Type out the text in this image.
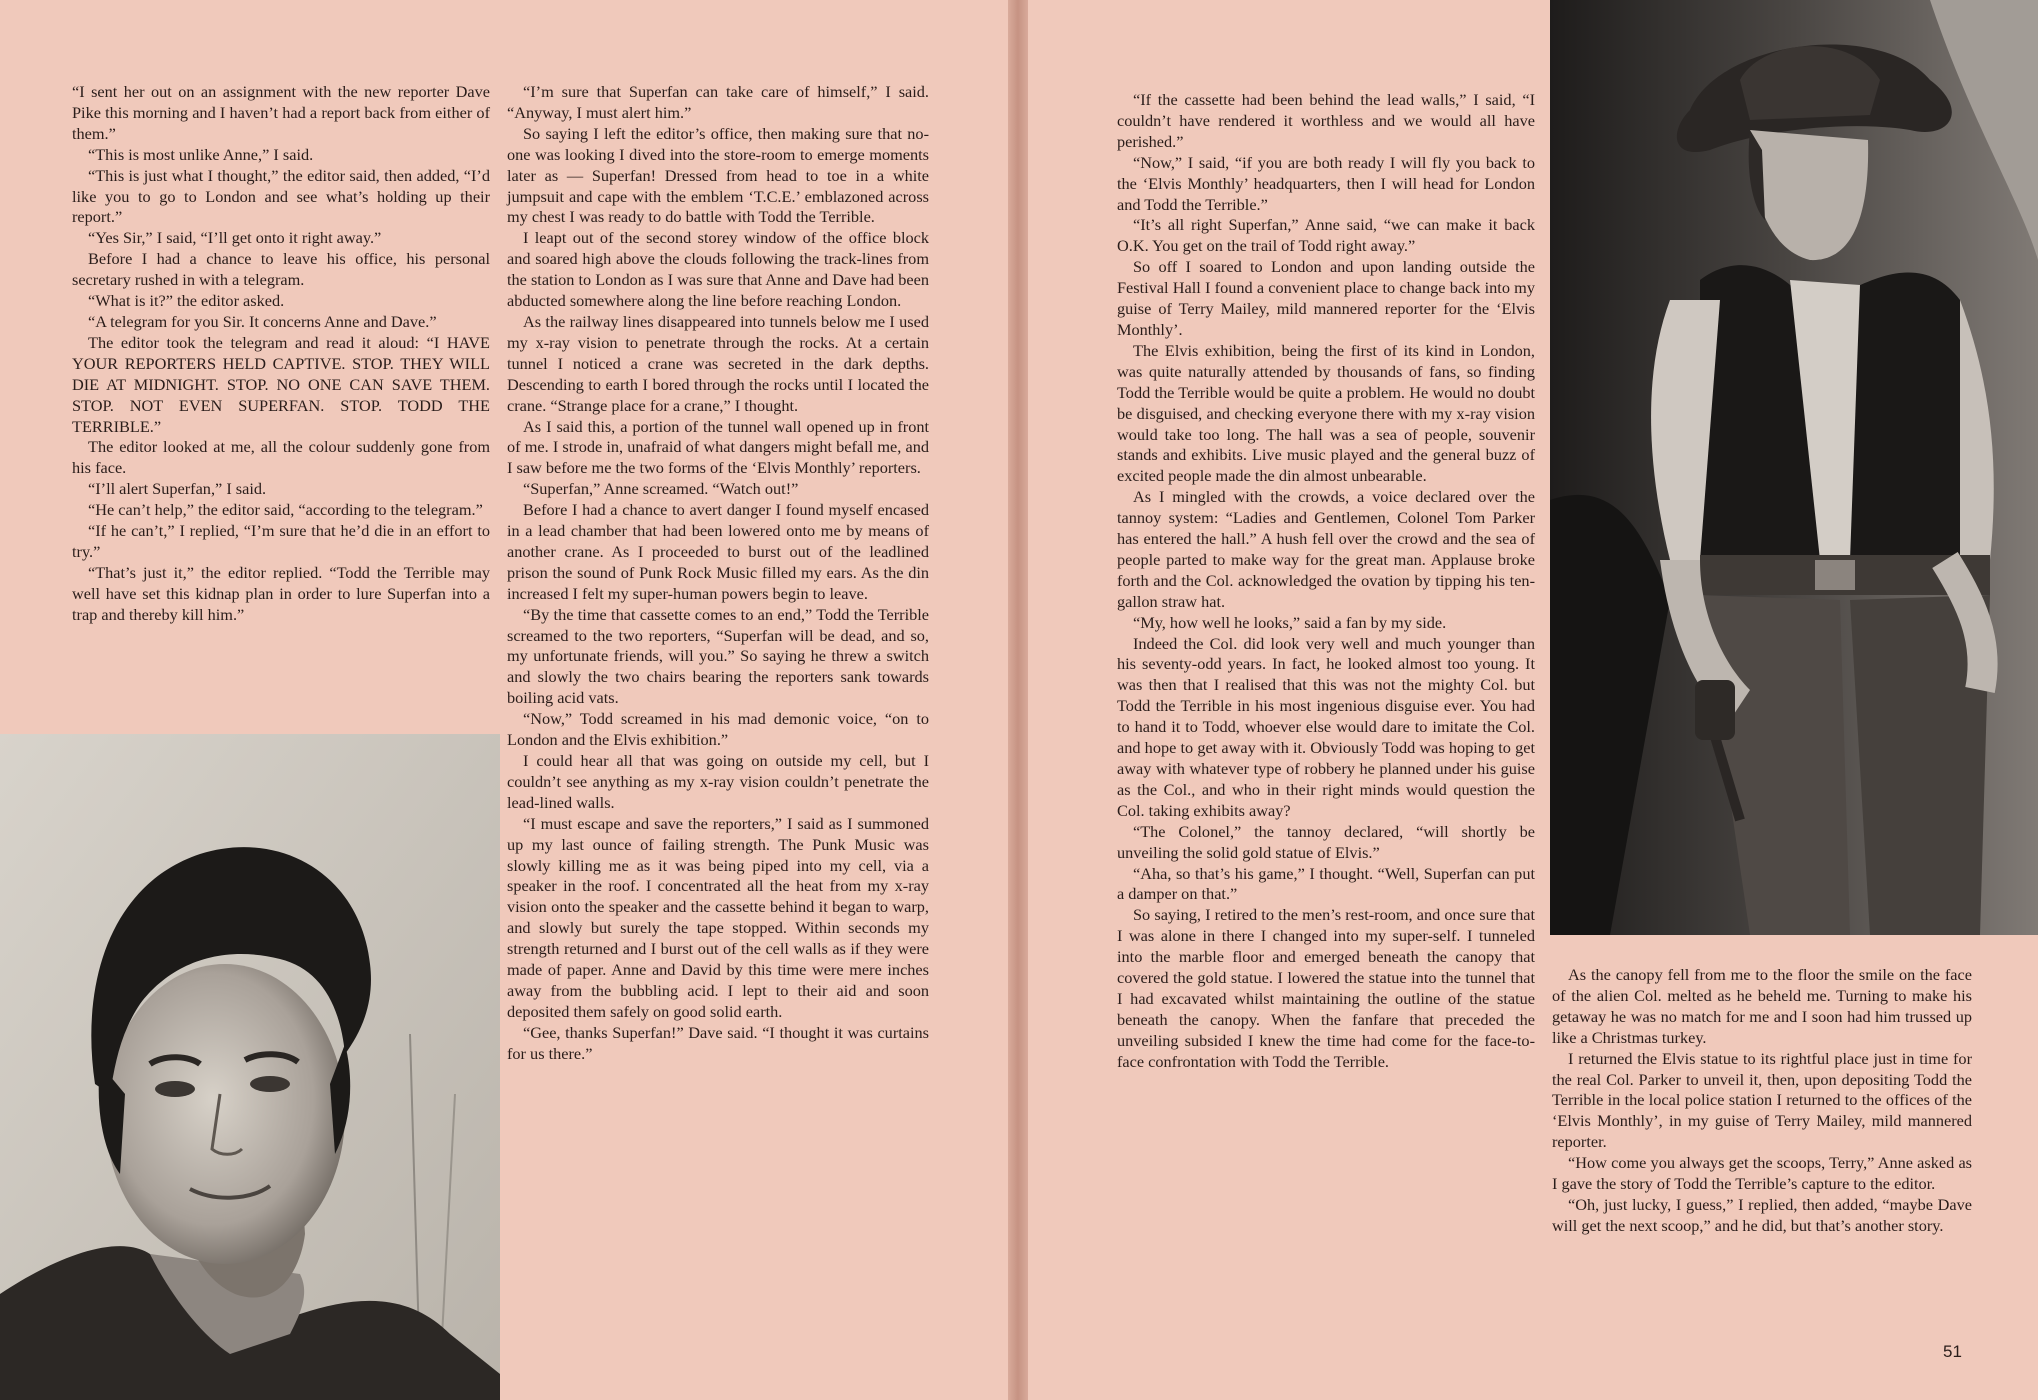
“I sent her out on an assignment with the new reporter Dave Pike this morning and I haven’t had a report back from either of them.”

“This is most unlike Anne,” I said.

“This is just what I thought,” the editor said, then added, “I’d like you to go to London and see what’s holding up their report.”

“Yes Sir,” I said, “I’ll get onto it right away.”

Before I had a chance to leave his office, his personal secretary rushed in with a telegram.

“What is it?” the editor asked.

“A telegram for you Sir. It concerns Anne and Dave.”

The editor took the telegram and read it aloud: “I HAVE YOUR REPORTERS HELD CAPTIVE. STOP. THEY WILL DIE AT MIDNIGHT. STOP. NO ONE CAN SAVE THEM. STOP. NOT EVEN SUPERFAN. STOP. TODD THE TERRIBLE.”

The editor looked at me, all the colour suddenly gone from his face.

“I’ll alert Superfan,” I said.

“He can’t help,” the editor said, “according to the telegram.”

“If he can’t,” I replied, “I’m sure that he’d die in an effort to try.”

“That’s just it,” the editor replied. “Todd the Terrible may well have set this kidnap plan in order to lure Superfan into a trap and thereby kill him.”

“I’m sure that Superfan can take care of himself,” I said. “Anyway, I must alert him.”

So saying I left the editor’s office, then making sure that no-one was looking I dived into the store-room to emerge moments later as — Superfan! Dressed from head to toe in a white jumpsuit and cape with the emblem ‘T.C.E.’ emblazoned across my chest I was ready to do battle with Todd the Terrible.

I leapt out of the second storey window of the office block and soared high above the clouds following the track-lines from the station to London as I was sure that Anne and Dave had been abducted somewhere along the line before reaching London.

As the railway lines disappeared into tunnels below me I used my x-ray vision to penetrate through the rocks. At a certain tunnel I noticed a crane was secreted in the dark depths. Descending to earth I bored through the rocks until I located the crane. “Strange place for a crane,” I thought.

As I said this, a portion of the tunnel wall opened up in front of me. I strode in, unafraid of what dangers might befall me, and I saw before me the two forms of the ‘Elvis Monthly’ reporters.

“Superfan,” Anne screamed. “Watch out!”

Before I had a chance to avert danger I found myself encased in a lead chamber that had been lowered onto me by means of another crane. As I proceeded to burst out of the leadlined prison the sound of Punk Rock Music filled my ears. As the din increased I felt my super-human powers begin to leave.

“By the time that cassette comes to an end,” Todd the Terrible screamed to the two reporters, “Superfan will be dead, and so, my unfortunate friends, will you.” So saying he threw a switch and slowly the two chairs bearing the reporters sank towards boiling acid vats.

“Now,” Todd screamed in his mad demonic voice, “on to London and the Elvis exhibition.”

I could hear all that was going on outside my cell, but I couldn’t see anything as my x-ray vision couldn’t penetrate the lead-lined walls.

“I must escape and save the reporters,” I said as I summoned up my last ounce of failing strength. The Punk Music was slowly killing me as it was being piped into my cell, via a speaker in the roof. I concentrated all the heat from my x-ray vision onto the speaker and the cassette behind it began to warp, and slowly but surely the tape stopped. Within seconds my strength returned and I burst out of the cell walls as if they were made of paper. Anne and David by this time were mere inches away from the bubbling acid. I lept to their aid and soon deposited them safely on good solid earth.

“Gee, thanks Superfan!” Dave said. “I thought it was curtains for us there.”

“If the cassette had been behind the lead walls,” I said, “I couldn’t have rendered it worthless and we would all have perished.”

“Now,” I said, “if you are both ready I will fly you back to the ‘Elvis Monthly’ headquarters, then I will head for London and Todd the Terrible.”

“It’s all right Superfan,” Anne said, “we can make it back O.K. You get on the trail of Todd right away.”

So off I soared to London and upon landing outside the Festival Hall I found a convenient place to change back into my guise of Terry Mailey, mild mannered reporter for the ‘Elvis Monthly’.

The Elvis exhibition, being the first of its kind in London, was quite naturally attended by thousands of fans, so finding Todd the Terrible would be quite a problem. He would no doubt be disguised, and checking everyone there with my x-ray vision would take too long. The hall was a sea of people, souvenir stands and exhibits. Live music played and the general buzz of excited people made the din almost unbearable.

As I mingled with the crowds, a voice declared over the tannoy system: “Ladies and Gentlemen, Colonel Tom Parker has entered the hall.” A hush fell over the crowd and the sea of people parted to make way for the great man. Applause broke forth and the Col. acknowledged the ovation by tipping his ten-gallon straw hat.

“My, how well he looks,” said a fan by my side.

Indeed the Col. did look very well and much younger than his seventy-odd years. In fact, he looked almost too young. It was then that I realised that this was not the mighty Col. but Todd the Terrible in his most ingenious disguise ever. You had to hand it to Todd, whoever else would dare to imitate the Col. and hope to get away with it. Obviously Todd was hoping to get away with whatever type of robbery he planned under his guise as the Col., and who in their right minds would question the Col. taking exhibits away?

“The Colonel,” the tannoy declared, “will shortly be unveiling the solid gold statue of Elvis.”

“Aha, so that’s his game,” I thought. “Well, Superfan can put a damper on that.”

So saying, I retired to the men’s rest-room, and once sure that I was alone in there I changed into my super-self. I tunneled into the marble floor and emerged beneath the canopy that covered the gold statue. I lowered the statue into the tunnel that I had excavated whilst maintaining the outline of the statue beneath the canopy. When the fanfare that preceded the unveiling subsided I knew the time had come for the face-to-face confrontation with Todd the Terrible.

As the canopy fell from me to the floor the smile on the face of the alien Col. melted as he beheld me. Turning to make his getaway he was no match for me and I soon had him trussed up like a Christmas turkey.

I returned the Elvis statue to its rightful place just in time for the real Col. Parker to unveil it, then, upon depositing Todd the Terrible in the local police station I returned to the offices of the ‘Elvis Monthly’, in my guise of Terry Mailey, mild mannered reporter.

“How come you always get the scoops, Terry,” Anne asked as I gave the story of Todd the Terrible’s capture to the editor.

“Oh, just lucky, I guess,” I replied, then added, “maybe Dave will get the next scoop,” and he did, but that’s another story.

51
